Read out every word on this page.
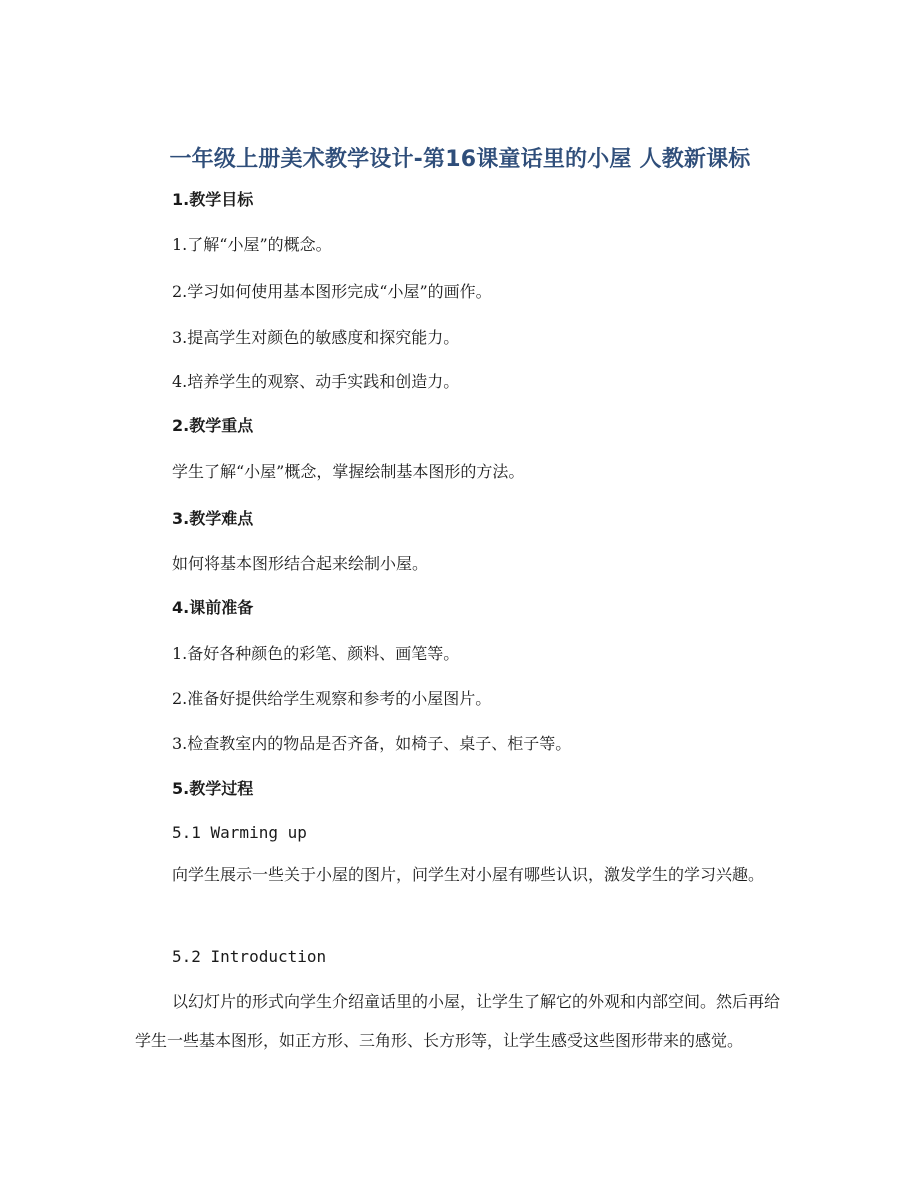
一年级上册美术教学设计-第16课童话里的小屋 人教新课标
1.教学目标
1.了解“小屋”的概念。
2.学习如何使用基本图形完成“小屋”的画作。
3.提高学生对颜色的敏感度和探究能力。
4.培养学生的观察、动手实践和创造力。
2.教学重点
学生了解“小屋”概念，掌握绘制基本图形的方法。
3.教学难点
如何将基本图形结合起来绘制小屋。
4.课前准备
1.备好各种颜色的彩笔、颜料、画笔等。
2.准备好提供给学生观察和参考的小屋图片。
3.检查教室内的物品是否齐备，如椅子、桌子、柜子等。
5.教学过程
5.1 Warming up
向学生展示一些关于小屋的图片，问学生对小屋有哪些认识，激发学生的学习兴趣。
5.2 Introduction
以幻灯片的形式向学生介绍童话里的小屋，让学生了解它的外观和内部空间。然后再给学生一些基本图形，如正方形、三角形、长方形等，让学生感受这些图形带来的感觉。
